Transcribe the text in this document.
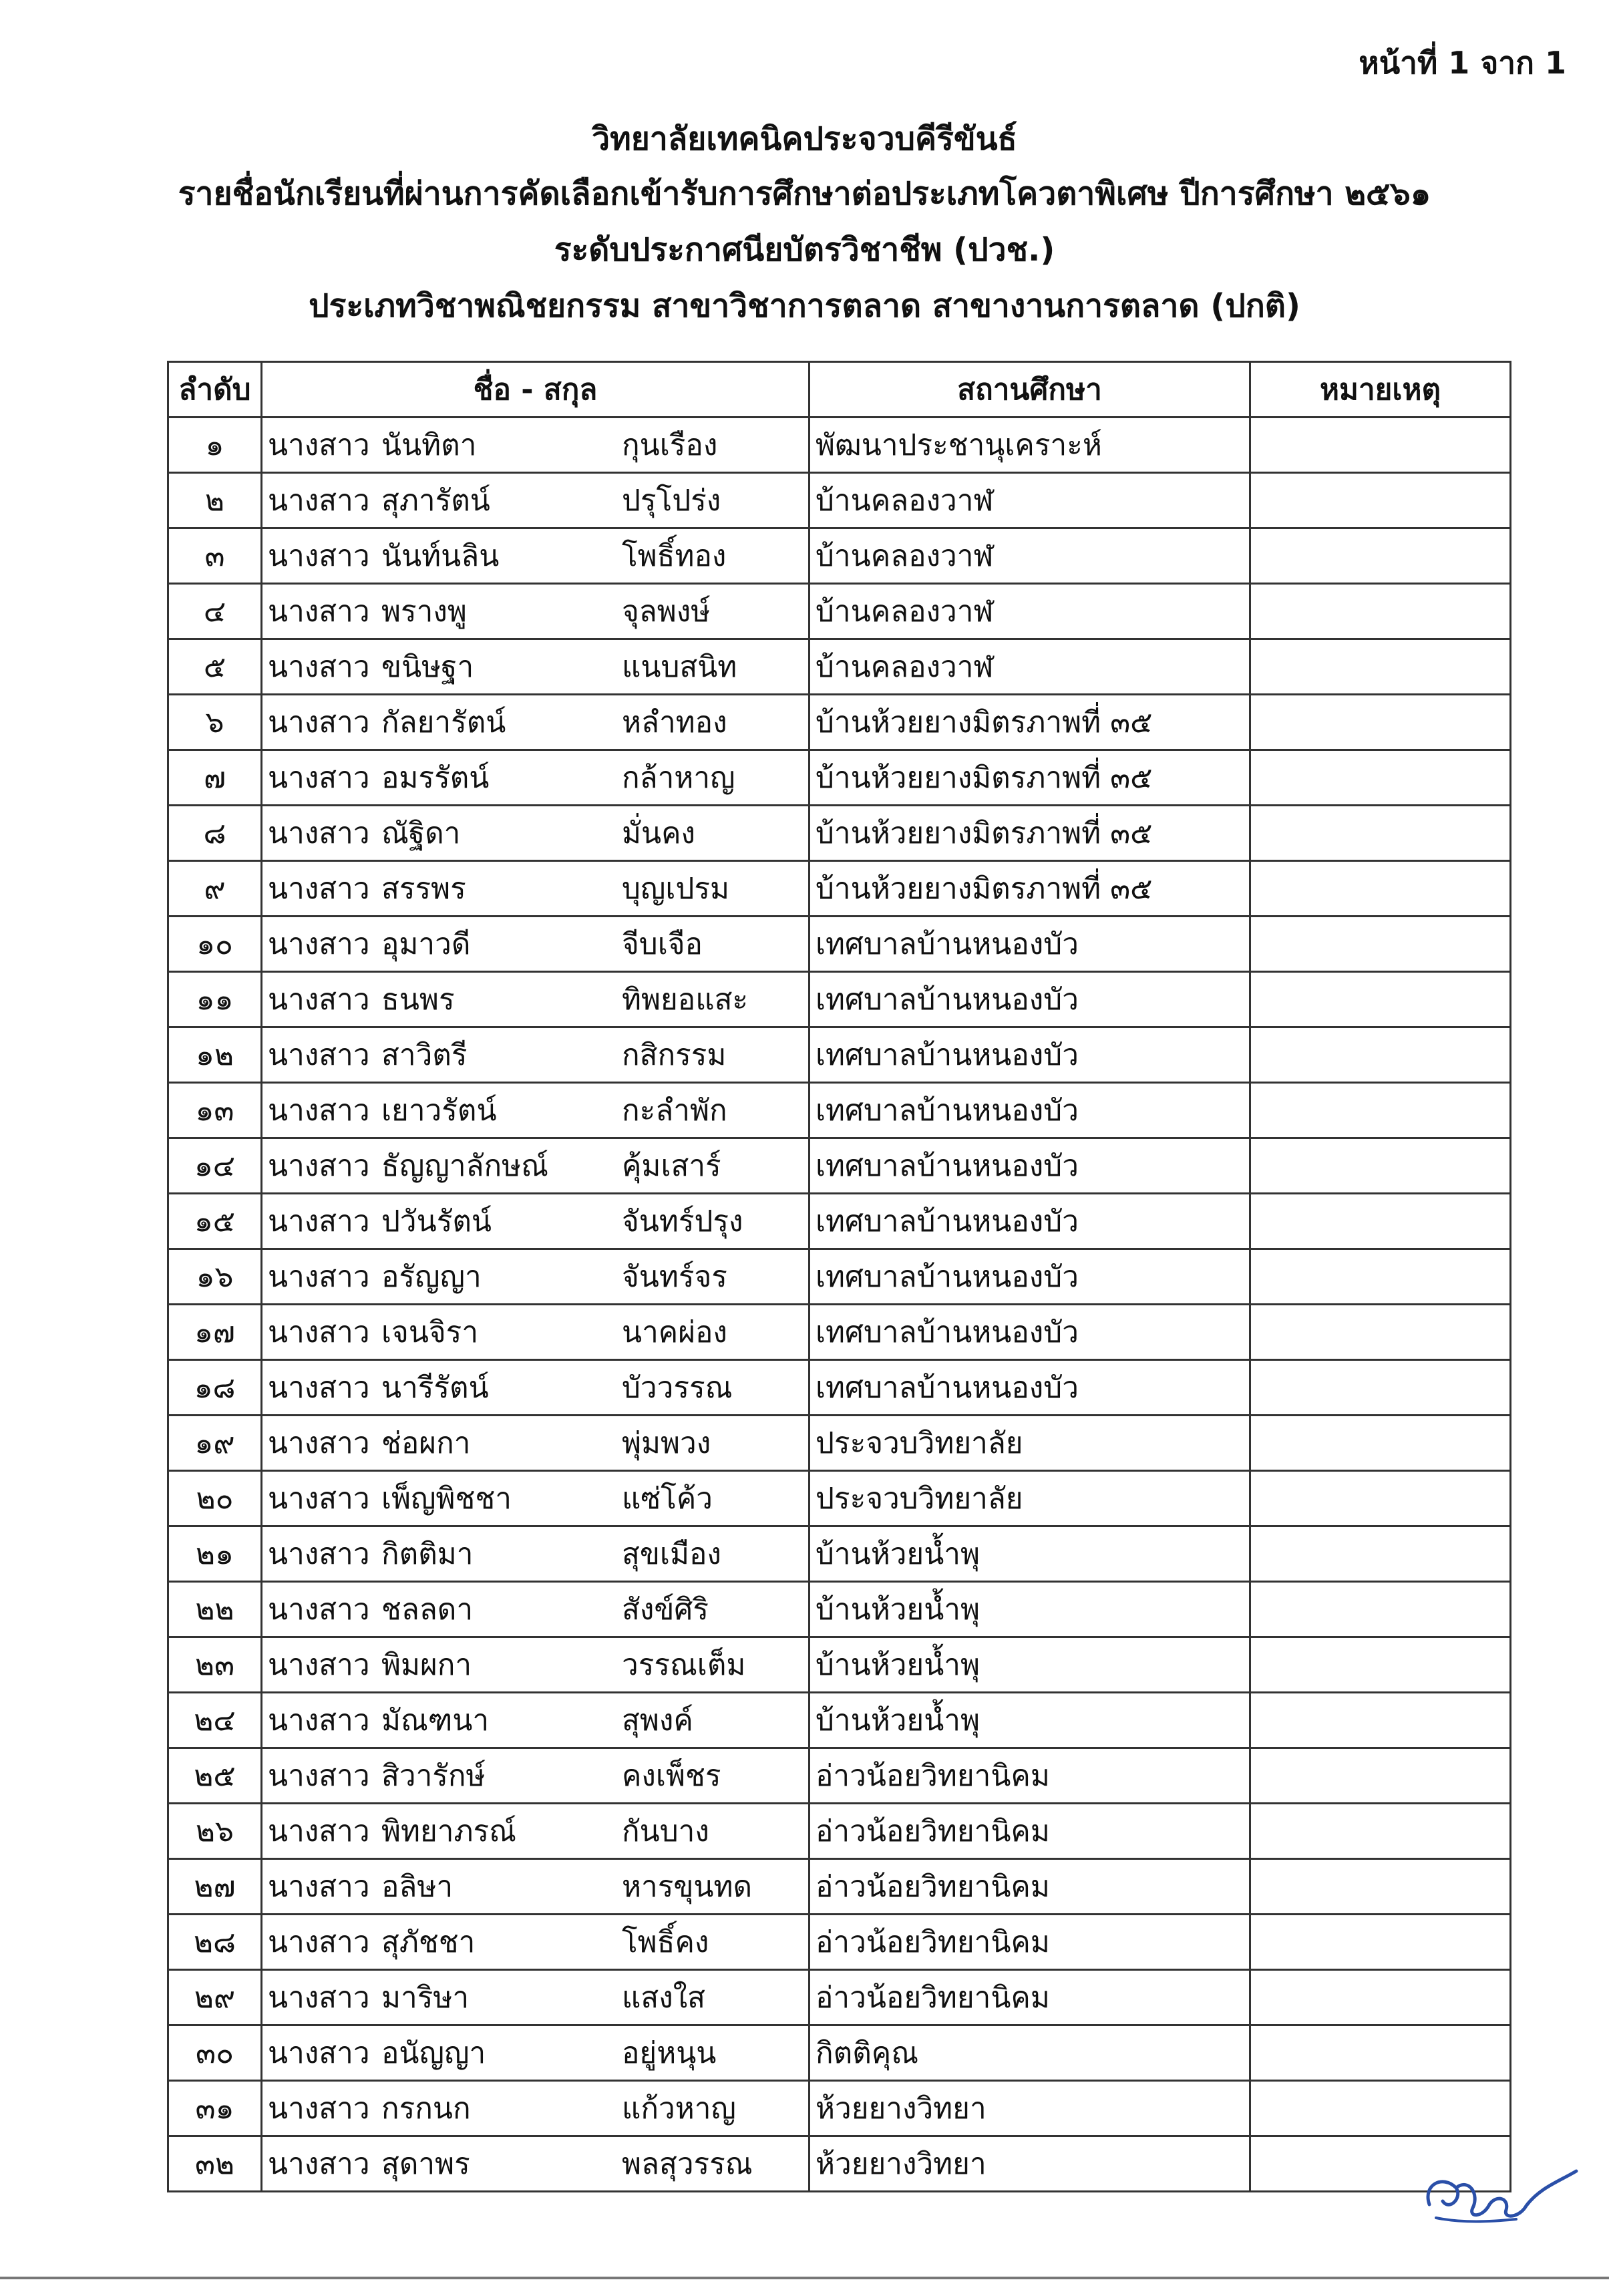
หน้าที่ 1 จาก 1
วิทยาลัยเทคนิคประจวบคีรีขันธ์
รายชื่อนักเรียนที่ผ่านการคัดเลือกเข้ารับการศึกษาต่อประเภทโควตาพิเศษ ปีการศึกษา ๒๕๖๑
ระดับประกาศนียบัตรวิชาชีพ (ปวช.)
ประเภทวิชาพณิชยกรรม สาขาวิชาการตลาด สาขางานการตลาด (ปกติ)
ลำดับ	ชื่อ - สกุล	สถานศึกษา	หมายเหตุ
๑	นางสาว นันทิตา กุนเรือง	พัฒนาประชานุเคราะห์	
๒	นางสาว สุภารัตน์ ปรุโปร่ง	บ้านคลองวาฬ	
๓	นางสาว นันท์นลิน โพธิ์ทอง	บ้านคลองวาฬ	
๔	นางสาว พรางพู จุลพงษ์	บ้านคลองวาฬ	
๕	นางสาว ขนิษฐา แนบสนิท	บ้านคลองวาฬ	
๖	นางสาว กัลยารัตน์ หลำทอง	บ้านห้วยยางมิตรภาพที่ ๓๕	
๗	นางสาว อมรรัตน์ กล้าหาญ	บ้านห้วยยางมิตรภาพที่ ๓๕	
๘	นางสาว ณัฐิดา มั่นคง	บ้านห้วยยางมิตรภาพที่ ๓๕	
๙	นางสาว สรรพร บุญเปรม	บ้านห้วยยางมิตรภาพที่ ๓๕	
๑๐	นางสาว อุมาวดี จีบเจือ	เทศบาลบ้านหนองบัว	
๑๑	นางสาว ธนพร ทิพยอแสะ	เทศบาลบ้านหนองบัว	
๑๒	นางสาว สาวิตรี กสิกรรม	เทศบาลบ้านหนองบัว	
๑๓	นางสาว เยาวรัตน์ กะลำพัก	เทศบาลบ้านหนองบัว	
๑๔	นางสาว ธัญญาลักษณ์ คุ้มเสาร์	เทศบาลบ้านหนองบัว	
๑๕	นางสาว ปวันรัตน์ จันทร์ปรุง	เทศบาลบ้านหนองบัว	
๑๖	นางสาว อรัญญา จันทร์จร	เทศบาลบ้านหนองบัว	
๑๗	นางสาว เจนจิรา นาคผ่อง	เทศบาลบ้านหนองบัว	
๑๘	นางสาว นารีรัตน์ บัววรรณ	เทศบาลบ้านหนองบัว	
๑๙	นางสาว ช่อผกา พุ่มพวง	ประจวบวิทยาลัย	
๒๐	นางสาว เพ็ญพิชชา แซ่โค้ว	ประจวบวิทยาลัย	
๒๑	นางสาว กิตติมา สุขเมือง	บ้านห้วยน้ำพุ	
๒๒	นางสาว ชลลดา สังข์ศิริ	บ้านห้วยน้ำพุ	
๒๓	นางสาว พิมผกา วรรณเต็ม	บ้านห้วยน้ำพุ	
๒๔	นางสาว มัณฑนา สุพงค์	บ้านห้วยน้ำพุ	
๒๕	นางสาว สิวารักษ์ คงเพ็ชร	อ่าวน้อยวิทยานิคม	
๒๖	นางสาว พิทยาภรณ์ กันบาง	อ่าวน้อยวิทยานิคม	
๒๗	นางสาว อลิษา หารขุนทด	อ่าวน้อยวิทยานิคม	
๒๘	นางสาว สุภัชชา โพธิ์คง	อ่าวน้อยวิทยานิคม	
๒๙	นางสาว มาริษา แสงใส	อ่าวน้อยวิทยานิคม	
๓๐	นางสาว อนัญญา อยู่หนุน	กิตติคุณ	
๓๑	นางสาว กรกนก แก้วหาญ	ห้วยยางวิทยา	
๓๒	นางสาว สุดาพร พลสุวรรณ	ห้วยยางวิทยา	
